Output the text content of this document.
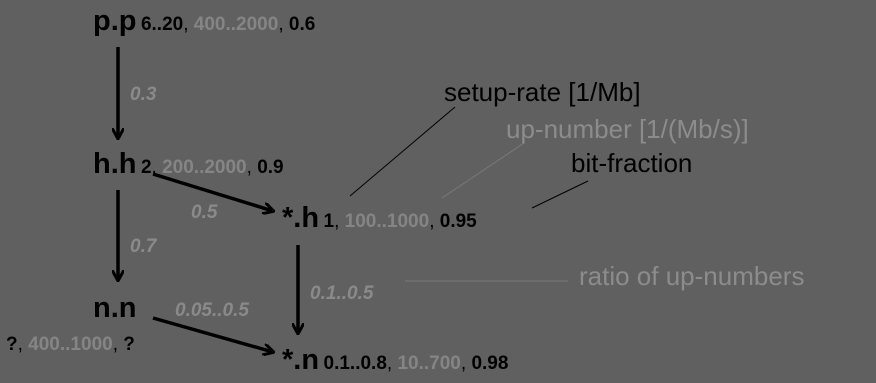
p.p 6..20, 400..2000, 0.6
h.h 2, 200..2000, 0.9
*.h 1, 100..1000, 0.95
n.n
?, 400..1000, ?	*.n 0.1..0.8, 10..700, 0.98
0.3
0.7
0.5
0.1..0.5
0.05..0.5
setup-rate [1/Mb]
up-number [1/(Mb/s)]
bit-fraction
ratio of up-numbers
